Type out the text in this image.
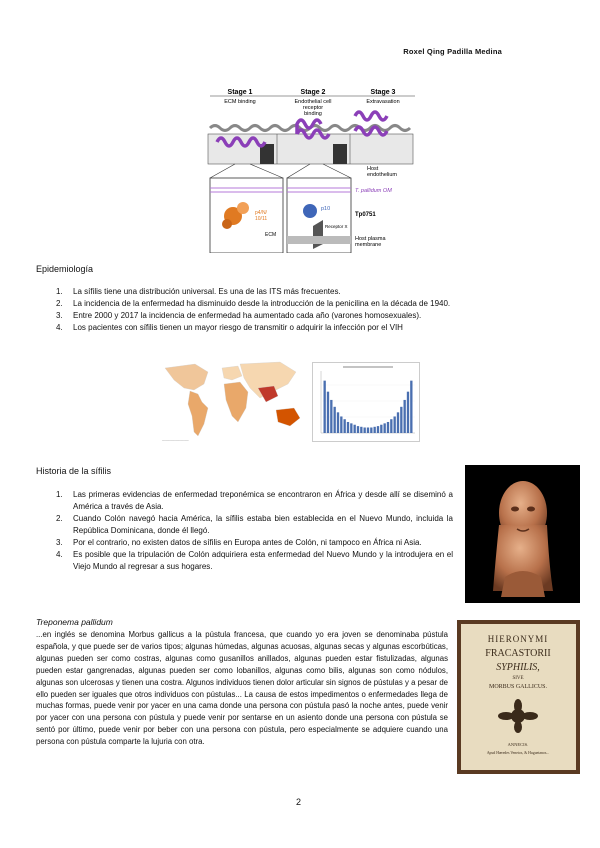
Roxel Qing Padilla Medina
Stage 1	Stage 2	Stage 3
ECM binding	Endothelial cell
receptor
binding
Extravasation
Host
endothelium
T. pallidum OM
Tp0751
Host plasma
membrane
p4/N/
10/11
ECM
p10
Receptor X
Epidemiología
1. La sífilis tiene una distribución universal. Es una de las ITS más frecuentes.
2. La incidencia de la enfermedad ha disminuido desde la introducción de la penicilina en la década de 1940.
3. Entre 2000 y 2017 la incidencia de enfermedad ha aumentado cada año (varones homosexuales).
4. Los pacientes con sífilis tienen un mayor riesgo de transmitir o adquirir la infección por el VIH
________________
Historia de la sífilis
1. Las primeras evidencias de enfermedad treponémica se encontraron en África y desde allí se diseminó a América a través de Asia.
2. Cuando Colón navegó hacia América, la sífilis estaba bien establecida en el Nuevo Mundo, incluida la República Dominicana, donde él llegó.
3. Por el contrario, no existen datos de sífilis en Europa antes de Colón, ni tampoco en África ni Asia.
4. Es posible que la tripulación de Colón adquiriera esta enfermedad del Nuevo Mundo y la introdujera en el Viejo Mundo al regresar a sus hogares.
Treponema pallidum
...en inglés se denomina Morbus gallicus a la pústula francesa, que cuando yo era joven se denominaba pústula española, y que puede ser de varios tipos; algunas húmedas, algunas acuosas, algunas secas y algunas escorbúticas, algunas pueden ser como costras, algunas como gusanillos anillados, algunas pueden estar fistulizadas, algunas pueden estar gangrenadas, algunas pueden ser como lobanillos, algunas como bilis, algunas son como nódulos, algunas son ulcerosas y tienen una costra. Algunos individuos tienen dolor articular sin signos de pústulas y a pesar de ello pueden ser iguales que otros individuos con pústulas... La causa de estos impedimentos o enfermedades llega de muchas formas, puede venir por yacer en una cama donde una persona con pústula pasó la noche antes, puede venir por yacer con una persona con pústula y puede venir por sentarse en un asiento donde una persona con pústula se sentó por último, puede venir por beber con una persona con pústula, pero especialmente se adquiere cuando una persona con pústula comparte la lujuria con otra.
HIERONYMI
FRACASTORII
SYPHILIS,
SIVE
MORBUS GALLICUS.
ANNECIS.
Apud Hæredes Venetos, & Huguetanos...
2
